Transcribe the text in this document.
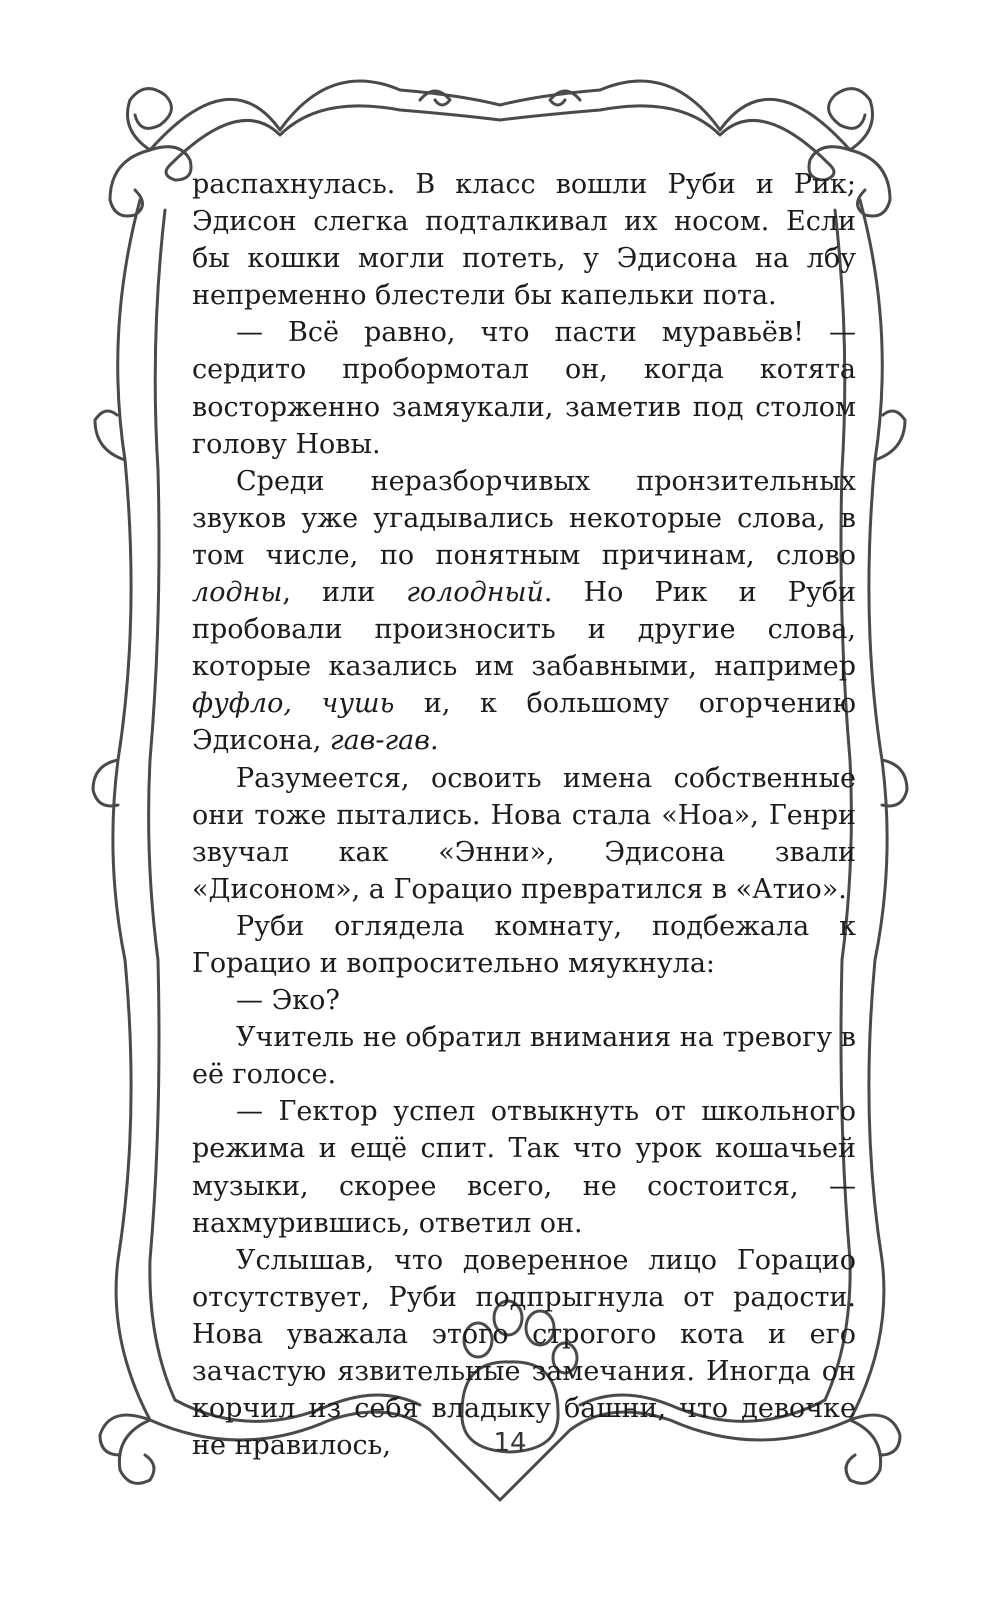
распахнулась. В класс вошли Руби и Рик; Эдисон слегка подталкивал их носом. Если бы кошки могли потеть, у Эдисона на лбу непременно блестели бы капельки пота.

— Всё равно, что пасти муравьёв! — сердито пробормотал он, когда котята восторженно замяукали, заметив под столом голову Новы.

Среди неразборчивых пронзительных звуков уже угадывались некоторые слова, в том числе, по понятным причинам, слово лодны, или голодный. Но Рик и Руби пробовали произносить и другие слова, которые казались им забавными, например фуфло, чушь и, к большому огорчению Эдисона, гав-гав.

Разумеется, освоить имена собственные они тоже пытались. Нова стала «Ноа», Генри звучал как «Энни», Эдисона звали «Дисоном», а Горацио превратился в «Атио».

Руби оглядела комнату, подбежала к Горацио и вопросительно мяукнула:

— Эко?

Учитель не обратил внимания на тревогу в её голосе.

— Гектор успел отвыкнуть от школьного режима и ещё спит. Так что урок кошачьей музыки, скорее всего, не состоится, — нахмурившись, ответил он.

Услышав, что доверенное лицо Горацио отсутствует, Руби подпрыгнула от радости. Нова уважала этого строгого кота и его зачастую язвительные замечания. Иногда он корчил из себя владыку башни, что девочке не нравилось,	14
